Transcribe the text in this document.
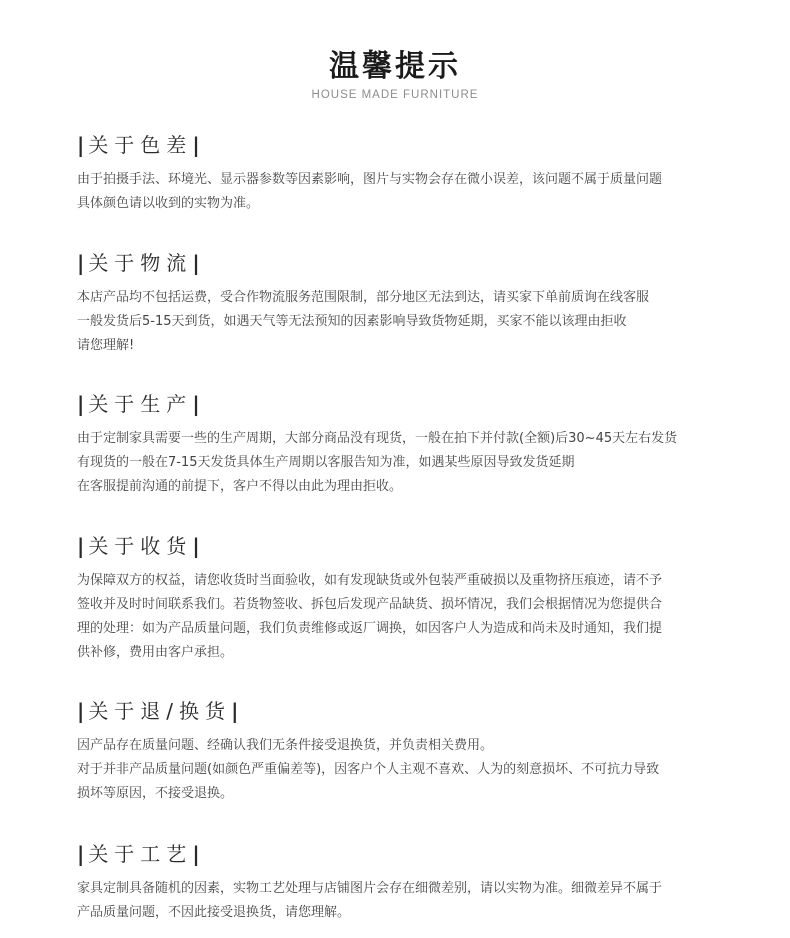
温馨提示
HOUSE MADE FURNITURE
|关于色差|
由于拍摄手法、环境光、显示器参数等因素影响，图片与实物会存在微小误差，该问题不属于质量问题
具体颜色请以收到的实物为准。
|关于物流|
本店产品均不包括运费，受合作物流服务范围限制，部分地区无法到达，请买家下单前质询在线客服
一般发货后5-15天到货，如遇天气等无法预知的因素影响导致货物延期，买家不能以该理由拒收
请您理解!
|关于生产|
由于定制家具需要一些的生产周期，大部分商品没有现货，一般在拍下并付款(全额)后30~45天左右发货
有现货的一般在7-15天发货具体生产周期以客服告知为准，如遇某些原因导致发货延期
在客服提前沟通的前提下，客户不得以由此为理由拒收。
|关于收货|
为保障双方的权益，请您收货时当面验收，如有发现缺货或外包装严重破损以及重物挤压痕迹，请不予
签收并及时时间联系我们。若货物签收、拆包后发现产品缺货、损坏情况，我们会根据情况为您提供合
理的处理：如为产品质量问题，我们负责维修或返厂调换，如因客户人为造成和尚未及时通知，我们提
供补修，费用由客户承担。
|关于退/换货|
因产品存在质量问题、经确认我们无条件接受退换货，并负责相关费用。
对于并非产品质量问题(如颜色严重偏差等)，因客户个人主观不喜欢、人为的刻意损坏、不可抗力导致
损坏等原因，不接受退换。
|关于工艺|
家具定制具备随机的因素，实物工艺处理与店铺图片会存在细微差别，请以实物为准。细微差异不属于
产品质量问题，不因此接受退换货，请您理解。
